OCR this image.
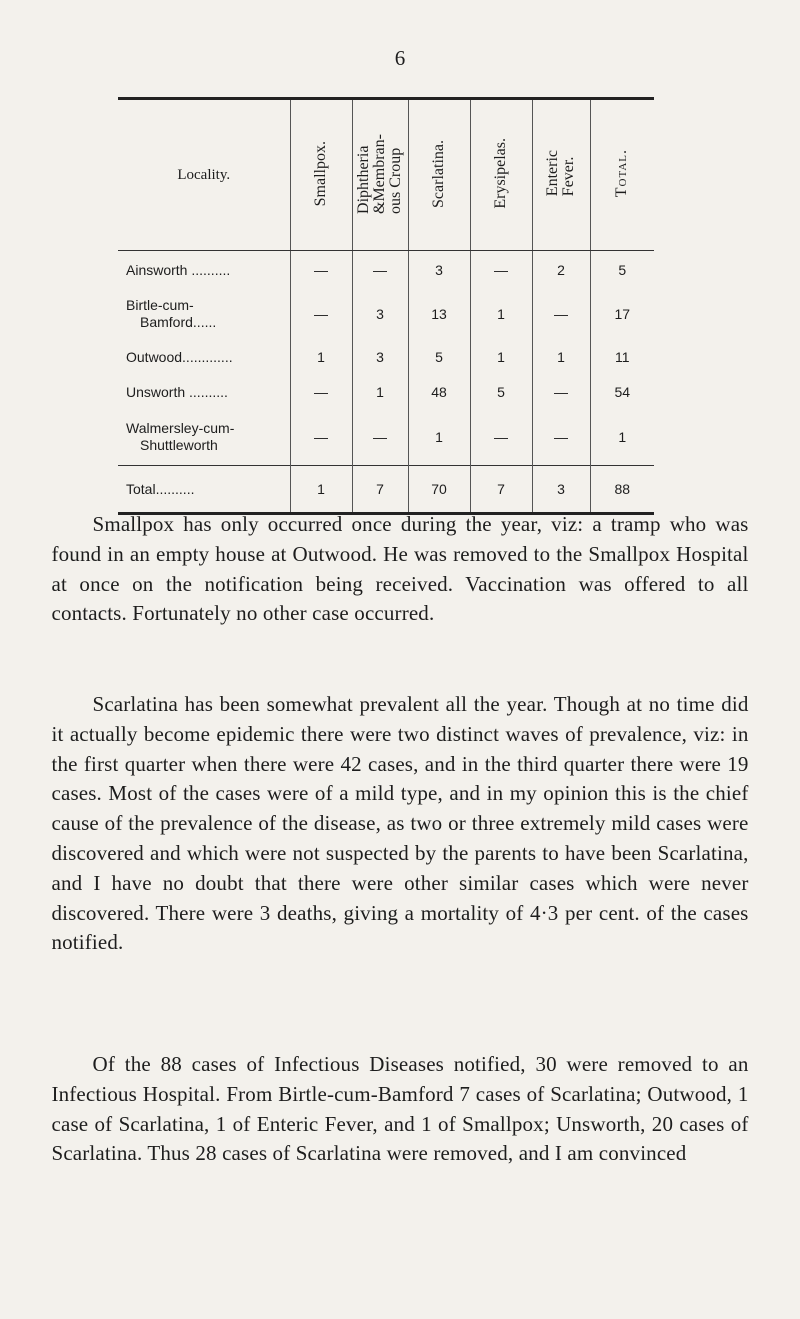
6
Locality.	Smallpox.	Diphtheria
&Membran-
ous Croup	Scarlatina.	Erysipelas.	Enteric
Fever.	Total.
Ainsworth ..........	—	—	3	—	2	5
Birtle-cum-
Bamford......	—	3	13	1	—	17
Outwood.............	1	3	5	1	1	11
Unsworth ..........	—	1	48	5	—	54
Walmersley-cum-
Shuttleworth	—	—	1	—	—	1
Total..........	1	7	70	7	3	88

Smallpox has only occurred once during the year, viz: a tramp who was found in an empty house at Outwood. He was removed to the Smallpox Hospital at once on the notification being received. Vaccination was offered to all contacts. Fortunately no other case occurred.

Scarlatina has been somewhat prevalent all the year. Though at no time did it actually become epidemic there were two distinct waves of prevalence, viz: in the first quarter when there were 42 cases, and in the third quarter there were 19 cases. Most of the cases were of a mild type, and in my opinion this is the chief cause of the prevalence of the disease, as two or three extremely mild cases were discovered and which were not suspected by the parents to have been Scarlatina, and I have no doubt that there were other similar cases which were never discovered. There were 3 deaths, giving a mortality of 4·3 per cent. of the cases notified.

Of the 88 cases of Infectious Diseases notified, 30 were removed to an Infectious Hospital. From Birtle-cum-Bamford 7 cases of Scarlatina; Outwood, 1 case of Scarlatina, 1 of Enteric Fever, and 1 of Smallpox; Unsworth, 20 cases of Scarlatina. Thus 28 cases of Scarlatina were removed, and I am convinced
